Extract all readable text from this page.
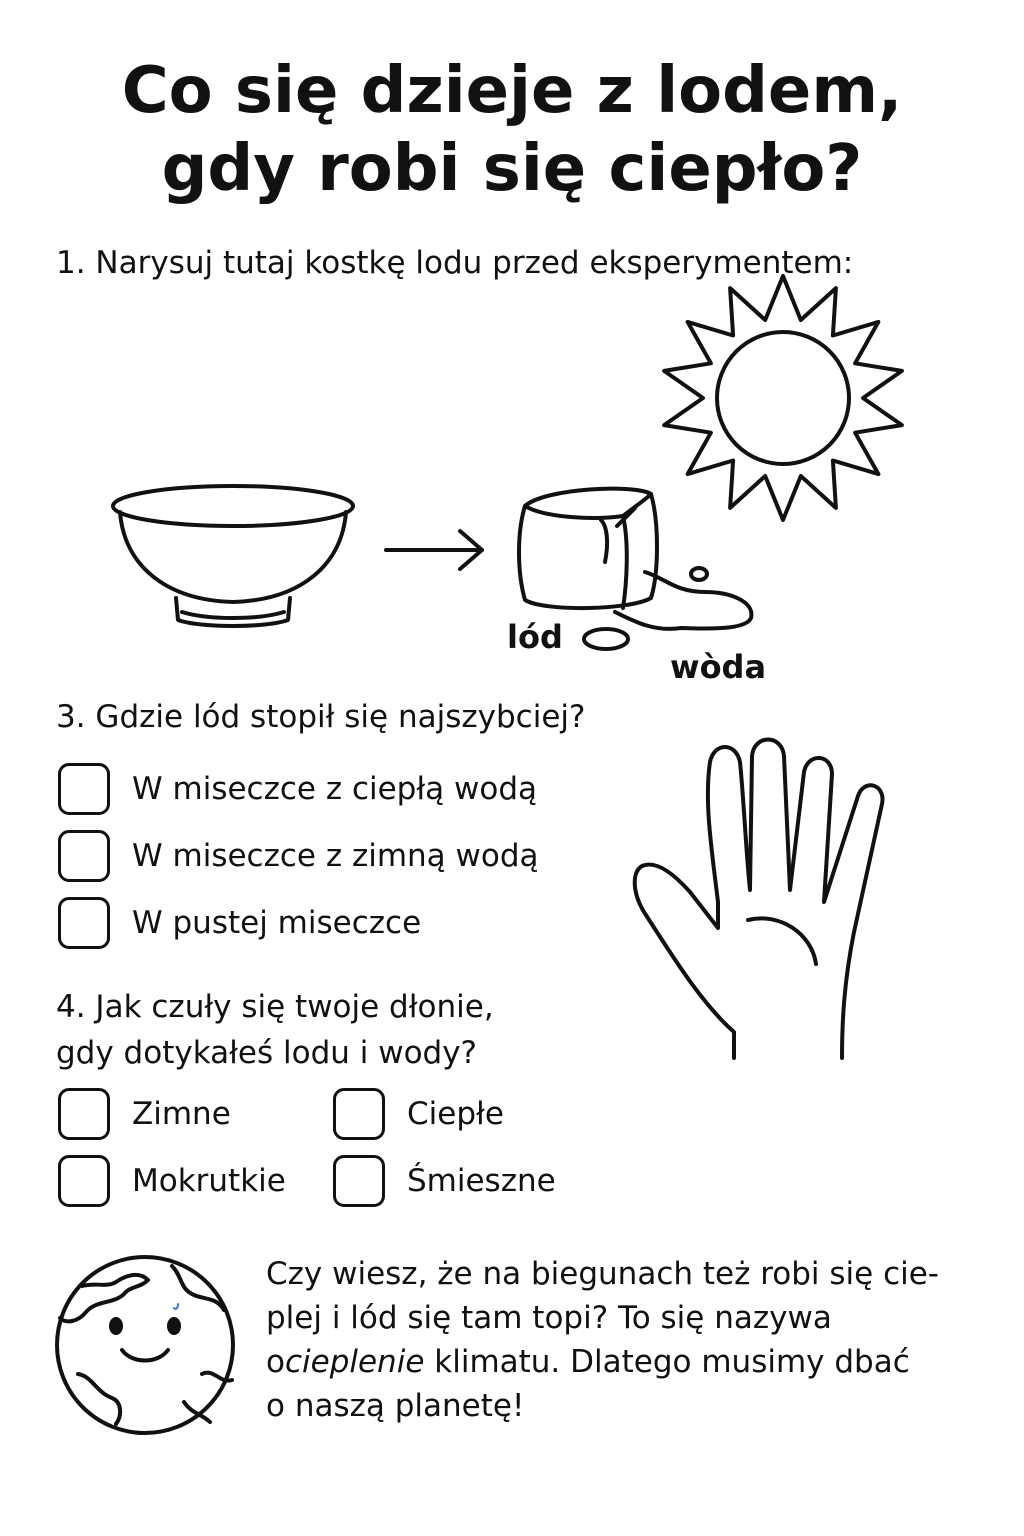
Co się dzieje z lodem,
gdy robi się ciepło?
1. Narysuj tutaj kostkę lodu przed eksperymentem:
lód
wòda
3. Gdzie lód stopił się najszybciej?
W miseczce z ciepłą wodą
W miseczce z zimną wodą
W pustej miseczce
4. Jak czuły się twoje dłonie,
gdy dotykałeś lodu i wody?
Zimne	Ciepłe
Mokrutkie	Śmieszne

Czy wiesz, że na biegunach też robi się cie-

plej i lód się tam topi? To się nazywa

ocieplenie klimatu. Dlatego musimy dbać

o naszą planetę!
